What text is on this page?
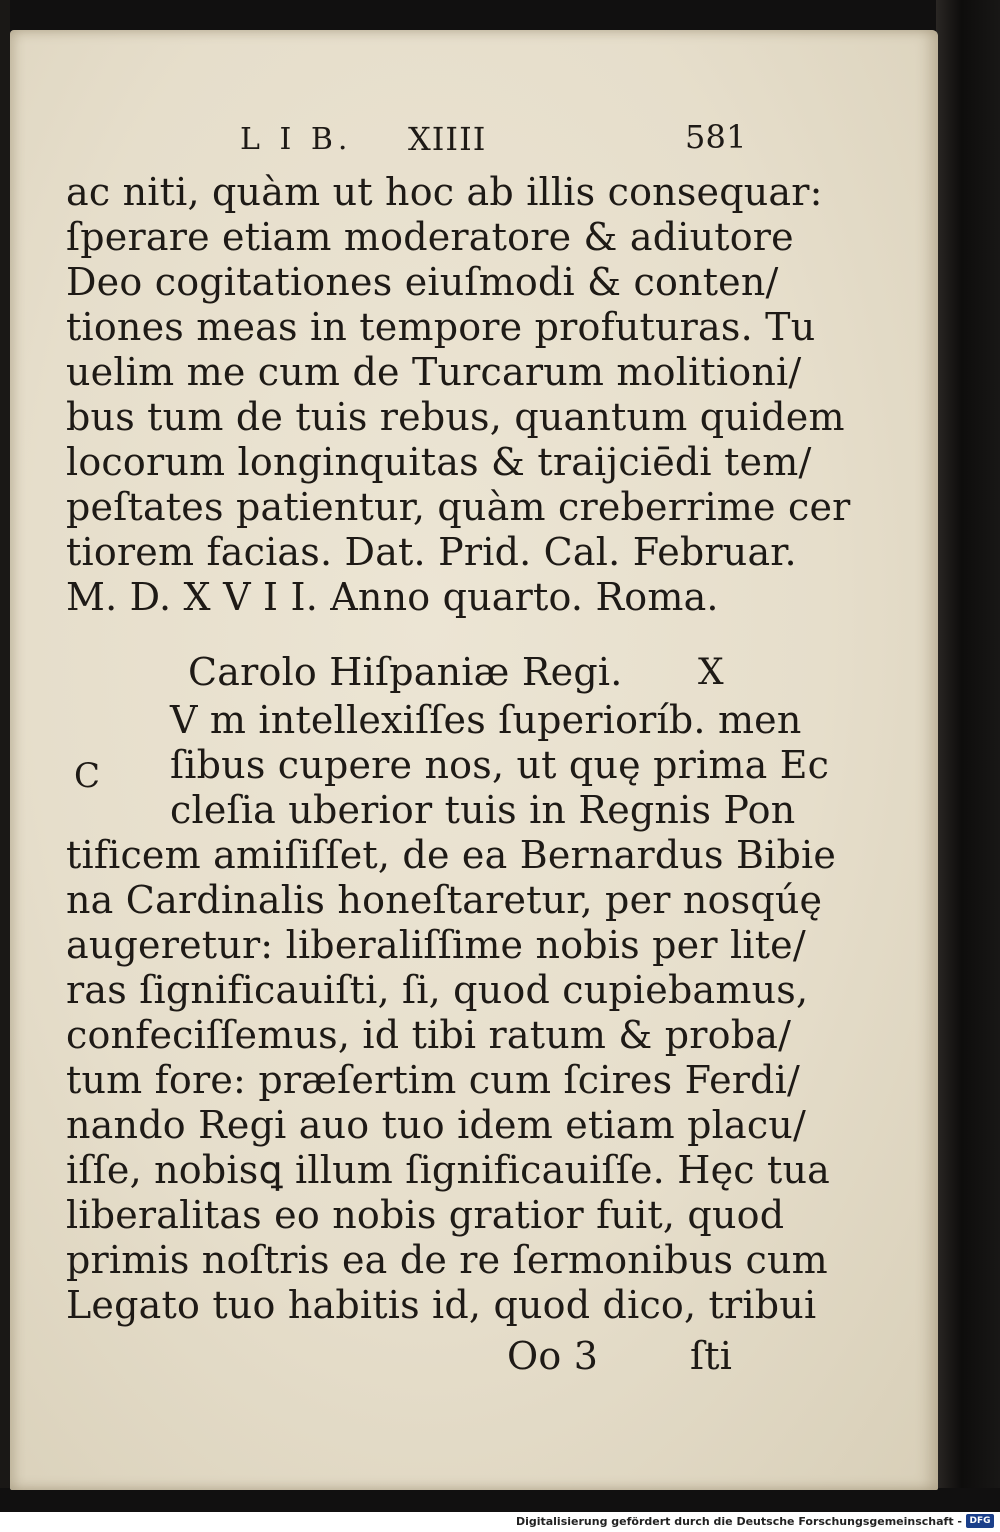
L I B. XIIII	581
ac niti, quàm ut hoc ab illis consequar:
ſperare etiam moderatore & adiutore
Deo cogitationes eiuſmodi & conten/
tiones meas in tempore profuturas. Tu
uelim me cum de Turcarum molitioni/
bus tum de tuis rebus, quantum quidem
locorum longinquitas & traijciēdi tem/
peſtates patientur, quàm creberrime cer
tiorem facias. Dat. Prid. Cal. Februar.
M. D. X V I I. Anno quarto. Roma.
Carolo Hiſpaniæ Regi. X
C
V m intellexiſſes ſuperioríb. men
ſibus cupere nos, ut quę prima Ec
cleſia uberior tuis in Regnis Pon
tificem amiſiſſet, de ea Bernardus Bibie
na Cardinalis honeſtaretur, per nosqúę
augeretur: liberaliſſime nobis per lite/
ras ſignificauiſti, ſi, quod cupiebamus,
confeciſſemus, id tibi ratum & proba/
tum fore: præſertim cum ſcires Ferdi/
nando Regi auo tuo idem etiam placu/
iſſe, nobisꝗ illum ſignificauiſſe. Hęc tua
liberalitas eo nobis gratior fuit, quod
primis noſtris ea de re ſermonibus cum
Legato tuo habitis id, quod dico, tribui
Oo 3 ſti
Digitalisierung gefördert durch die Deutsche Forschungsgemeinschaft - DFG
